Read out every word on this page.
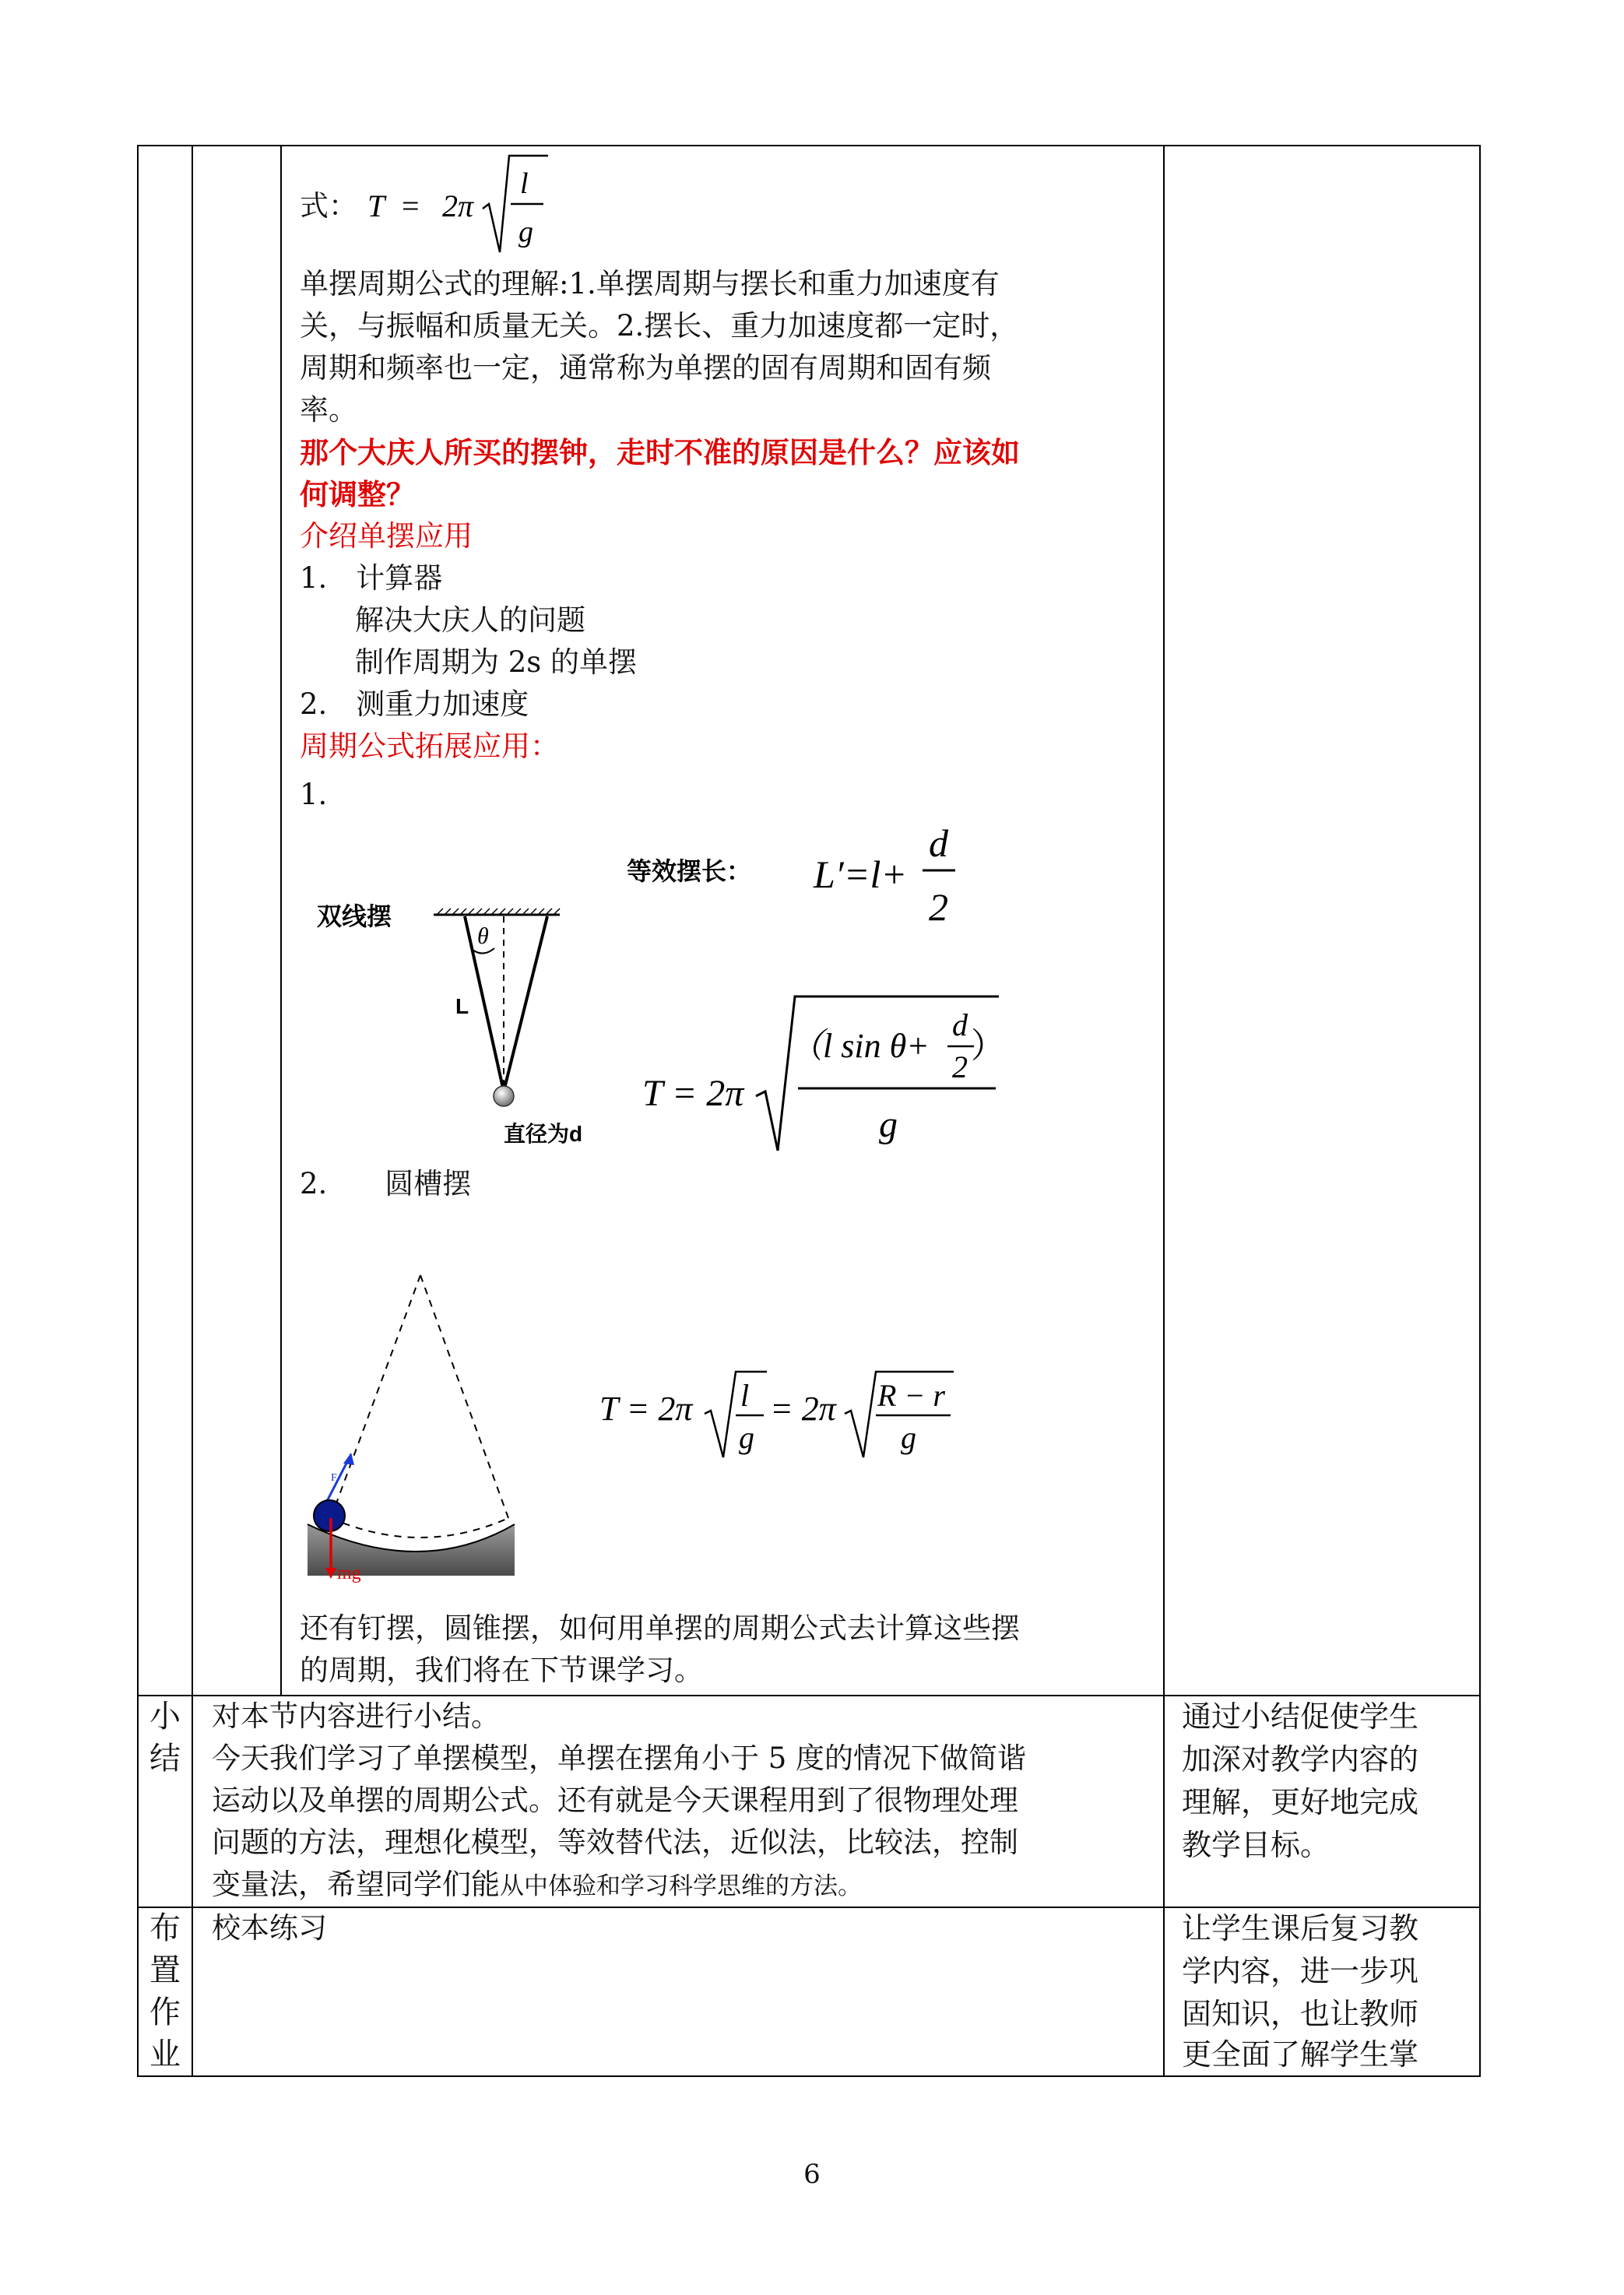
式： T = 2π
l
g
单摆周期公式的理解:1.单摆周期与摆长和重力加速度有
关，与振幅和质量无关。2.摆长、重力加速度都一定时，
周期和频率也一定，通常称为单摆的固有周期和固有频
率。
那个大庆人所买的摆钟，走时不准的原因是什么？应该如
何调整？
介绍单摆应用
1.　计算器
解决大庆人的问题
制作周期为 2s 的单摆
2.　测重力加速度
周期公式拓展应用：
1.
双线摆
等效摆长：
θ
L
直径为d
L′=l+
d
2
T = 2π
（l sin θ+
d
2
）
g
2.　　圆槽摆
F
mg
T = 2π l
g
= 2π R − r
g
还有钉摆，圆锥摆，如何用单摆的周期公式去计算这些摆
的周期，我们将在下节课学习。
小
结
对本节内容进行小结。
今天我们学习了单摆模型，单摆在摆角小于 5 度的情况下做简谐
运动以及单摆的周期公式。还有就是今天课程用到了很物理处理
问题的方法，理想化模型，等效替代法，近似法，比较法，控制
变量法，希望同学们能从中体验和学习科学思维的方法。
通过小结促使学生
加深对教学内容的
理解，更好地完成
教学目标。
布
置
作
业
校本练习	让学生课后复习教
学内容，进一步巩
固知识，也让教师
更全面了解学生掌
6
